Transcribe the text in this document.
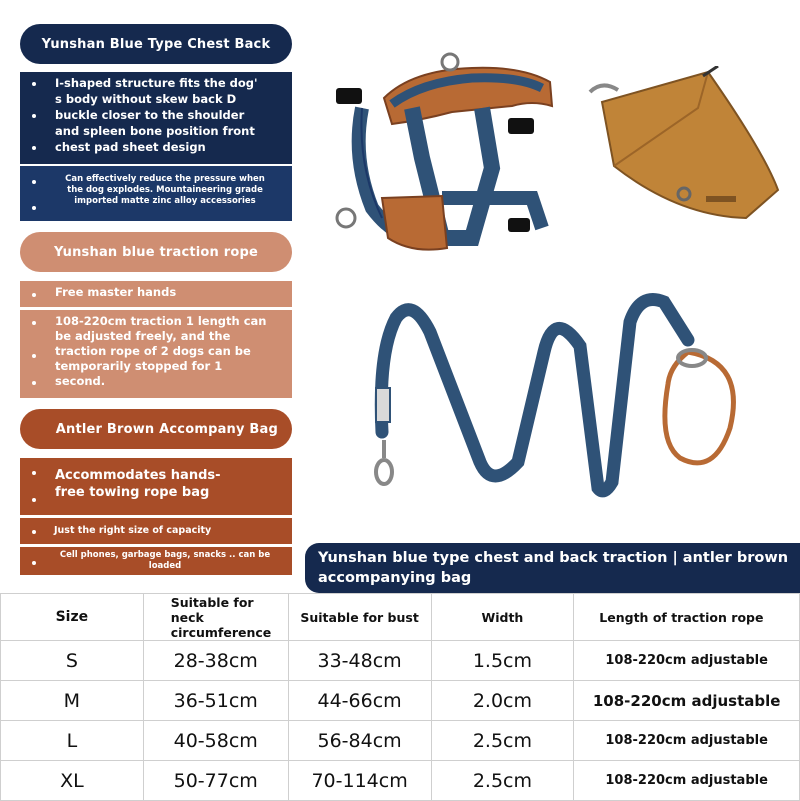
Yunshan Blue Type Chest Back
I-shaped structure fits the dog'
s body without skew back D
buckle closer to the shoulder
and spleen bone position front
chest pad sheet design
Can effectively reduce the pressure when
the dog explodes. Mountaineering grade
imported matte zinc alloy accessories
Yunshan blue traction rope
Free master hands
108-220cm traction 1 length can
be adjusted freely, and the
traction rope of 2 dogs can be
temporarily stopped for 1
second.
Antler Brown Accompany Bag
Accommodates hands-
free towing rope bag
Just the right size of capacity
Cell phones, garbage bags, snacks .. can be
loaded	Yunshan blue type chest and back traction | antler brown accompanying bag
Size	Suitable for neck circumference	Suitable for bust	Width	Length of traction rope
S	28-38cm	33-48cm	1.5cm	108-220cm adjustable
M	36-51cm	44-66cm	2.0cm	108-220cm adjustable
L	40-58cm	56-84cm	2.5cm	108-220cm adjustable
XL	50-77cm	70-114cm	2.5cm	108-220cm adjustable
